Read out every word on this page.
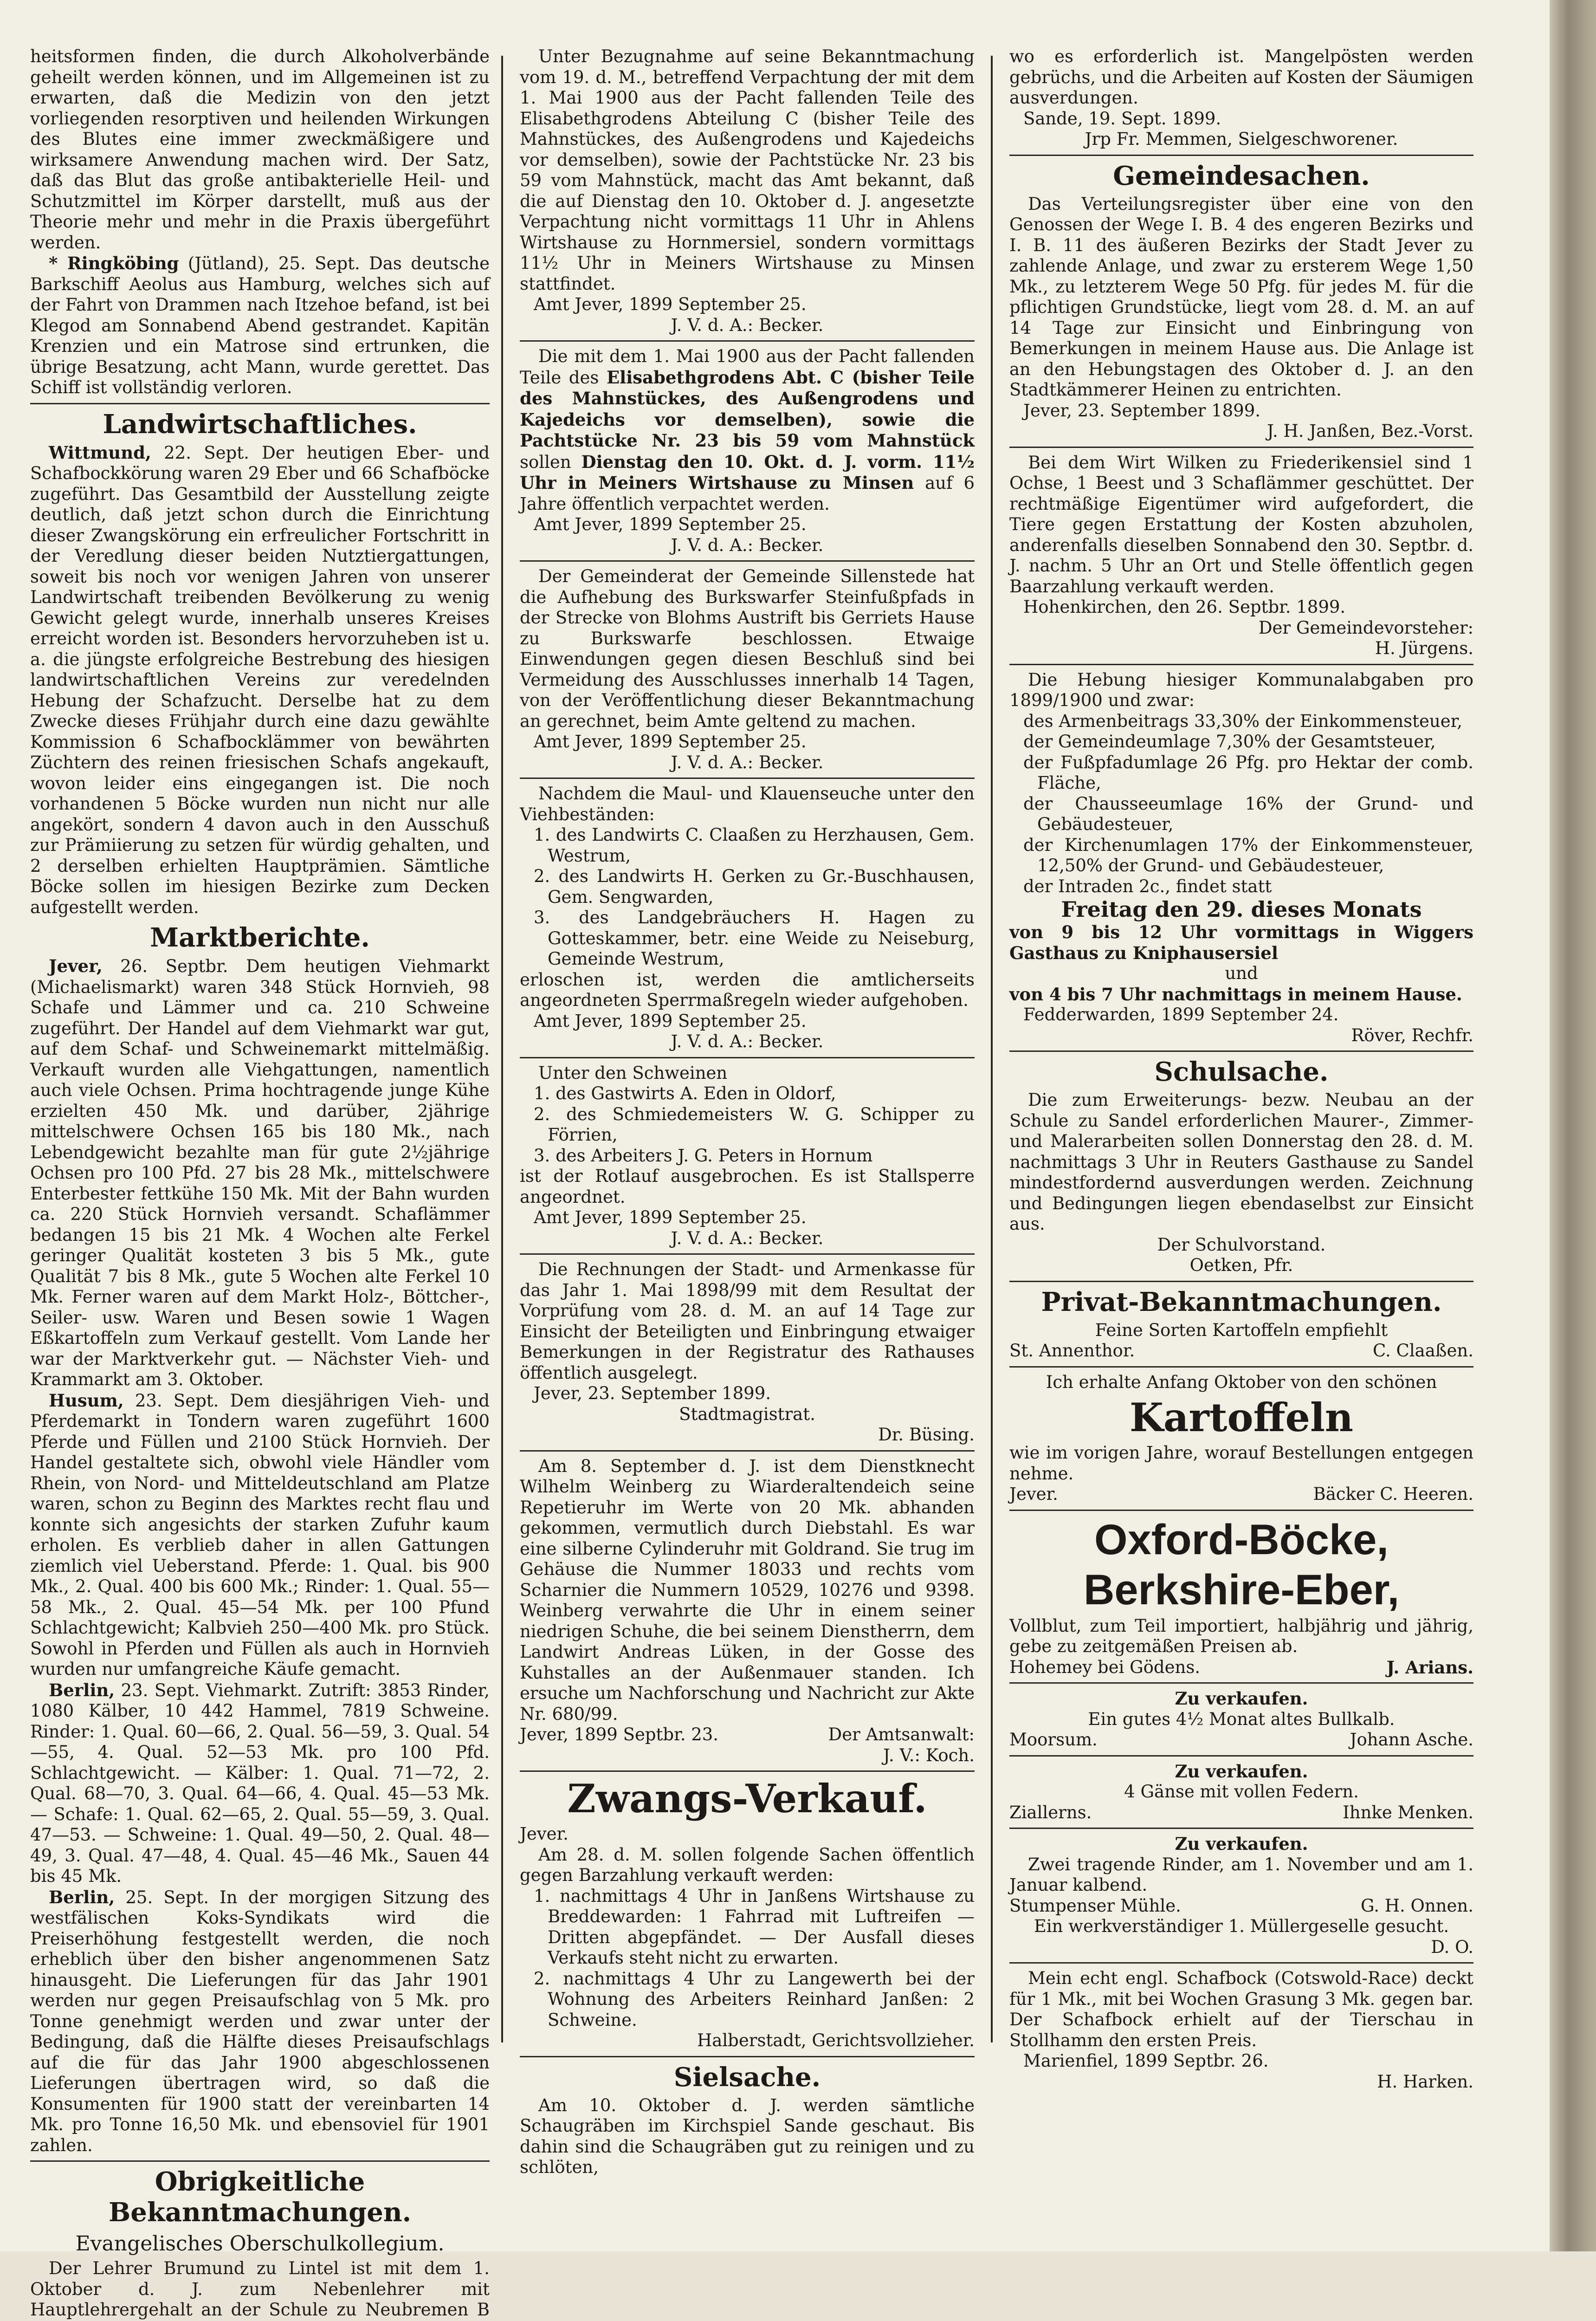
heitsformen finden, die durch Alkoholverbände geheilt werden können, und im Allgemeinen ist zu erwarten, daß die Medizin von den jetzt vorliegenden resorptiven und heilenden Wirkungen des Blutes eine immer zweckmäßigere und wirksamere Anwendung machen wird. Der Satz, daß das Blut das große antibakterielle Heil- und Schutzmittel im Körper darstellt, muß aus der Theorie mehr und mehr in die Praxis übergeführt werden.

* Ringköbing (Jütland), 25. Sept. Das deutsche Barkschiff Aeolus aus Hamburg, welches sich auf der Fahrt von Drammen nach Itzehoe befand, ist bei Klegod am Sonnabend Abend gestrandet. Kapitän Krenzien und ein Matrose sind ertrunken, die übrige Besatzung, acht Mann, wurde gerettet. Das Schiff ist vollständig verloren.

Landwirtschaftliches.

Wittmund, 22. Sept. Der heutigen Eber- und Schafbockkörung waren 29 Eber und 66 Schafböcke zugeführt. Das Gesamtbild der Ausstellung zeigte deutlich, daß jetzt schon durch die Einrichtung dieser Zwangskörung ein erfreulicher Fortschritt in der Veredlung dieser beiden Nutztiergattungen, soweit bis noch vor wenigen Jahren von unserer Landwirtschaft treibenden Bevölkerung zu wenig Gewicht gelegt wurde, innerhalb unseres Kreises erreicht worden ist. Besonders hervorzuheben ist u. a. die jüngste erfolgreiche Bestrebung des hiesigen landwirtschaftlichen Vereins zur veredelnden Hebung der Schafzucht. Derselbe hat zu dem Zwecke dieses Frühjahr durch eine dazu gewählte Kommission 6 Schafbocklämmer von bewährten Züchtern des reinen friesischen Schafs angekauft, wovon leider eins eingegangen ist. Die noch vorhandenen 5 Böcke wurden nun nicht nur alle angekört, sondern 4 davon auch in den Ausschuß zur Prämiierung zu setzen für würdig gehalten, und 2 derselben erhielten Hauptprämien. Sämtliche Böcke sollen im hiesigen Bezirke zum Decken aufgestellt werden.

Marktberichte.

Jever, 26. Septbr. Dem heutigen Viehmarkt (Michaelismarkt) waren 348 Stück Hornvieh, 98 Schafe und Lämmer und ca. 210 Schweine zugeführt. Der Handel auf dem Viehmarkt war gut, auf dem Schaf- und Schweinemarkt mittelmäßig. Verkauft wurden alle Viehgattungen, namentlich auch viele Ochsen. Prima hochtragende junge Kühe erzielten 450 Mk. und darüber, 2jährige mittelschwere Ochsen 165 bis 180 Mk., nach Lebendgewicht bezahlte man für gute 2½jährige Ochsen pro 100 Pfd. 27 bis 28 Mk., mittelschwere Enterbester fettkühe 150 Mk. Mit der Bahn wurden ca. 220 Stück Hornvieh versandt. Schaflämmer bedangen 15 bis 21 Mk. 4 Wochen alte Ferkel geringer Qualität kosteten 3 bis 5 Mk., gute Qualität 7 bis 8 Mk., gute 5 Wochen alte Ferkel 10 Mk. Ferner waren auf dem Markt Holz-, Böttcher-, Seiler- usw. Waren und Besen sowie 1 Wagen Eßkartoffeln zum Verkauf gestellt. Vom Lande her war der Marktverkehr gut. — Nächster Vieh- und Krammarkt am 3. Oktober.

Husum, 23. Sept. Dem diesjährigen Vieh- und Pferdemarkt in Tondern waren zugeführt 1600 Pferde und Füllen und 2100 Stück Hornvieh. Der Handel gestaltete sich, obwohl viele Händler vom Rhein, von Nord- und Mitteldeutschland am Platze waren, schon zu Beginn des Marktes recht flau und konnte sich angesichts der starken Zufuhr kaum erholen. Es verblieb daher in allen Gattungen ziemlich viel Ueberstand. Pferde: 1. Qual. bis 900 Mk., 2. Qual. 400 bis 600 Mk.; Rinder: 1. Qual. 55—58 Mk., 2. Qual. 45—54 Mk. per 100 Pfund Schlachtgewicht; Kalbvieh 250—400 Mk. pro Stück. Sowohl in Pferden und Füllen als auch in Hornvieh wurden nur umfangreiche Käufe gemacht.

Berlin, 23. Sept. Viehmarkt. Zutrift: 3853 Rinder, 1080 Kälber, 10 442 Hammel, 7819 Schweine. Rinder: 1. Qual. 60—66, 2. Qual. 56—59, 3. Qual. 54—55, 4. Qual. 52—53 Mk. pro 100 Pfd. Schlachtgewicht. — Kälber: 1. Qual. 71—72, 2. Qual. 68—70, 3. Qual. 64—66, 4. Qual. 45—53 Mk. — Schafe: 1. Qual. 62—65, 2. Qual. 55—59, 3. Qual. 47—53. — Schweine: 1. Qual. 49—50, 2. Qual. 48—49, 3. Qual. 47—48, 4. Qual. 45—46 Mk., Sauen 44 bis 45 Mk.

Berlin, 25. Sept. In der morgigen Sitzung des westfälischen Koks-Syndikats wird die Preiserhöhung festgestellt werden, die noch erheblich über den bisher angenommenen Satz hinausgeht. Die Lieferungen für das Jahr 1901 werden nur gegen Preisaufschlag von 5 Mk. pro Tonne genehmigt werden und zwar unter der Bedingung, daß die Hälfte dieses Preisaufschlags auf die für das Jahr 1900 abgeschlossenen Lieferungen übertragen wird, so daß die Konsumenten für 1900 statt der vereinbarten 14 Mk. pro Tonne 16,50 Mk. und ebensoviel für 1901 zahlen.

Obrigkeitliche Bekanntmachungen.
Evangelisches Oberschulkollegium.

Der Lehrer Brumund zu Lintel ist mit dem 1. Oktober d. J. zum Nebenlehrer mit Hauptlehrergehalt an der Schule zu Neubremen B

Unter Bezugnahme auf seine Bekanntmachung vom 19. d. M., betreffend Verpachtung der mit dem 1. Mai 1900 aus der Pacht fallenden Teile des Elisabethgrodens Abteilung C (bisher Teile des Mahnstückes, des Außengrodens und Kajedeichs vor demselben), sowie der Pachtstücke Nr. 23 bis 59 vom Mahnstück, macht das Amt bekannt, daß die auf Dienstag den 10. Oktober d. J. angesetzte Verpachtung nicht vormittags 11 Uhr in Ahlens Wirtshause zu Hornmersiel, sondern vormittags 11½ Uhr in Meiners Wirtshause zu Minsen stattfindet.

Amt Jever, 1899 September 25.

J. V. d. A.: Becker.

Die mit dem 1. Mai 1900 aus der Pacht fallenden Teile des Elisabethgrodens Abt. C (bisher Teile des Mahnstückes, des Außengrodens und Kajedeichs vor demselben), sowie die Pachtstücke Nr. 23 bis 59 vom Mahnstück sollen Dienstag den 10. Okt. d. J. vorm. 11½ Uhr in Meiners Wirtshause zu Minsen auf 6 Jahre öffentlich verpachtet werden.

Amt Jever, 1899 September 25.

J. V. d. A.: Becker.

Der Gemeinderat der Gemeinde Sillenstede hat die Aufhebung des Burkswarfer Steinfußpfads in der Strecke von Blohms Austrift bis Gerriets Hause zu Burkswarfe beschlossen. Etwaige Einwendungen gegen diesen Beschluß sind bei Vermeidung des Ausschlusses innerhalb 14 Tagen, von der Veröffentlichung dieser Bekanntmachung an gerechnet, beim Amte geltend zu machen.

Amt Jever, 1899 September 25.

J. V. d. A.: Becker.

Nachdem die Maul- und Klauenseuche unter den Viehbeständen:

1. des Landwirts C. Claaßen zu Herzhausen, Gem. Westrum,

2. des Landwirts H. Gerken zu Gr.-Buschhausen, Gem. Sengwarden,

3. des Landgebräuchers H. Hagen zu Gotteskammer, betr. eine Weide zu Neiseburg, Gemeinde Westrum,

erloschen ist, werden die amtlicherseits angeordneten Sperrmaßregeln wieder aufgehoben.

Amt Jever, 1899 September 25.

J. V. d. A.: Becker.

Unter den Schweinen

1. des Gastwirts A. Eden in Oldorf,

2. des Schmiedemeisters W. G. Schipper zu Förrien,

3. des Arbeiters J. G. Peters in Hornum

ist der Rotlauf ausgebrochen. Es ist Stallsperre angeordnet.

Amt Jever, 1899 September 25.

J. V. d. A.: Becker.

Die Rechnungen der Stadt- und Armenkasse für das Jahr 1. Mai 1898/99 mit dem Resultat der Vorprüfung vom 28. d. M. an auf 14 Tage zur Einsicht der Beteiligten und Einbringung etwaiger Bemerkungen in der Registratur des Rathauses öffentlich ausgelegt.

Jever, 23. September 1899.

Stadtmagistrat.

Dr. Büsing.

Am 8. September d. J. ist dem Dienstknecht Wilhelm Weinberg zu Wiarderaltendeich seine Repetieruhr im Werte von 20 Mk. abhanden gekommen, vermutlich durch Diebstahl. Es war eine silberne Cylinderuhr mit Goldrand. Sie trug im Gehäuse die Nummer 18033 und rechts vom Scharnier die Nummern 10529, 10276 und 9398. Weinberg verwahrte die Uhr in einem seiner niedrigen Schuhe, die bei seinem Dienstherrn, dem Landwirt Andreas Lüken, in der Gosse des Kuhstalles an der Außenmauer standen. Ich ersuche um Nachforschung und Nachricht zur Akte Nr. 680/99.

Jever, 1899 Septbr. 23.	Der Amtsanwalt:

J. V.: Koch.

Zwangs-Verkauf.

Jever.

Am 28. d. M. sollen folgende Sachen öffentlich gegen Barzahlung verkauft werden:

1. nachmittags 4 Uhr in Janßens Wirtshause zu Breddewarden: 1 Fahrrad mit Luftreifen — Dritten abgepfändet. — Der Ausfall dieses Verkaufs steht nicht zu erwarten.

2. nachmittags 4 Uhr zu Langewerth bei der Wohnung des Arbeiters Reinhard Janßen: 2 Schweine.

Halberstadt, Gerichtsvollzieher.

Sielsache.

Am 10. Oktober d. J. werden sämtliche Schaugräben im Kirchspiel Sande geschaut. Bis dahin sind die Schaugräben gut zu reinigen und zu schlöten,

wo es erforderlich ist. Mangelpösten werden gebrüchs, und die Arbeiten auf Kosten der Säumigen ausverdungen.

Sande, 19. Sept. 1899.

Jrp Fr. Memmen, Sielgeschworener.

Gemeindesachen.

Das Verteilungsregister über eine von den Genossen der Wege I. B. 4 des engeren Bezirks und I. B. 11 des äußeren Bezirks der Stadt Jever zu zahlende Anlage, und zwar zu ersterem Wege 1,50 Mk., zu letzterem Wege 50 Pfg. für jedes M. für die pflichtigen Grundstücke, liegt vom 28. d. M. an auf 14 Tage zur Einsicht und Einbringung von Bemerkungen in meinem Hause aus. Die Anlage ist an den Hebungstagen des Oktober d. J. an den Stadtkämmerer Heinen zu entrichten.

Jever, 23. September 1899.

J. H. Janßen, Bez.-Vorst.

Bei dem Wirt Wilken zu Friederikensiel sind 1 Ochse, 1 Beest und 3 Schaflämmer geschüttet. Der rechtmäßige Eigentümer wird aufgefordert, die Tiere gegen Erstattung der Kosten abzuholen, anderenfalls dieselben Sonnabend den 30. Septbr. d. J. nachm. 5 Uhr an Ort und Stelle öffentlich gegen Baarzahlung verkauft werden.

Hohenkirchen, den 26. Septbr. 1899.

Der Gemeindevorsteher:

H. Jürgens.

Die Hebung hiesiger Kommunalabgaben pro 1899/1900 und zwar:

des Armenbeitrags 33,30% der Einkommensteuer,

der Gemeindeumlage 7,30% der Gesamtsteuer,

der Fußpfadumlage 26 Pfg. pro Hektar der comb. Fläche,

der Chausseeumlage 16% der Grund- und Gebäudesteuer,

der Kirchenumlagen 17% der Einkommensteuer, 12,50% der Grund- und Gebäudesteuer,

der Intraden 2c., findet statt

Freitag den 29. dieses Monats

von 9 bis 12 Uhr vormittags in Wiggers Gasthaus zu Kniphausersiel

und

von 4 bis 7 Uhr nachmittags in meinem Hause.

Fedderwarden, 1899 September 24.

Röver, Rechfr.

Schulsache.

Die zum Erweiterungs- bezw. Neubau an der Schule zu Sandel erforderlichen Maurer-, Zimmer- und Malerarbeiten sollen Donnerstag den 28. d. M. nachmittags 3 Uhr in Reuters Gasthause zu Sandel mindestfordernd ausverdungen werden. Zeichnung und Bedingungen liegen ebendaselbst zur Einsicht aus.

Der Schulvorstand.

Oetken, Pfr.

Privat-Bekanntmachungen.

Feine Sorten Kartoffeln empfiehlt

St. Annenthor.	C. Claaßen.

Ich erhalte Anfang Oktober von den schönen

Kartoffeln

wie im vorigen Jahre, worauf Bestellungen entgegen nehme.

Jever.	Bäcker C. Heeren.

Oxford-Böcke,
Berkshire-Eber,

Vollblut, zum Teil importiert, halbjährig und jährig, gebe zu zeitgemäßen Preisen ab.

Hohemey bei Gödens.	J. Arians.

Zu verkaufen.

Ein gutes 4½ Monat altes Bullkalb.

Moorsum.	Johann Asche.

Zu verkaufen.

4 Gänse mit vollen Federn.

Ziallerns.	Ihnke Menken.

Zu verkaufen.

Zwei tragende Rinder, am 1. November und am 1. Januar kalbend.

Stumpenser Mühle.	G. H. Onnen.

Ein werkverständiger 1. Müllergeselle gesucht.

D. O.

Mein echt engl. Schafbock (Cotswold-Race) deckt für 1 Mk., mit bei Wochen Grasung 3 Mk. gegen bar. Der Schafbock erhielt auf der Tierschau in Stollhamm den ersten Preis.

Marienfiel, 1899 Septbr. 26.

H. Harken.
